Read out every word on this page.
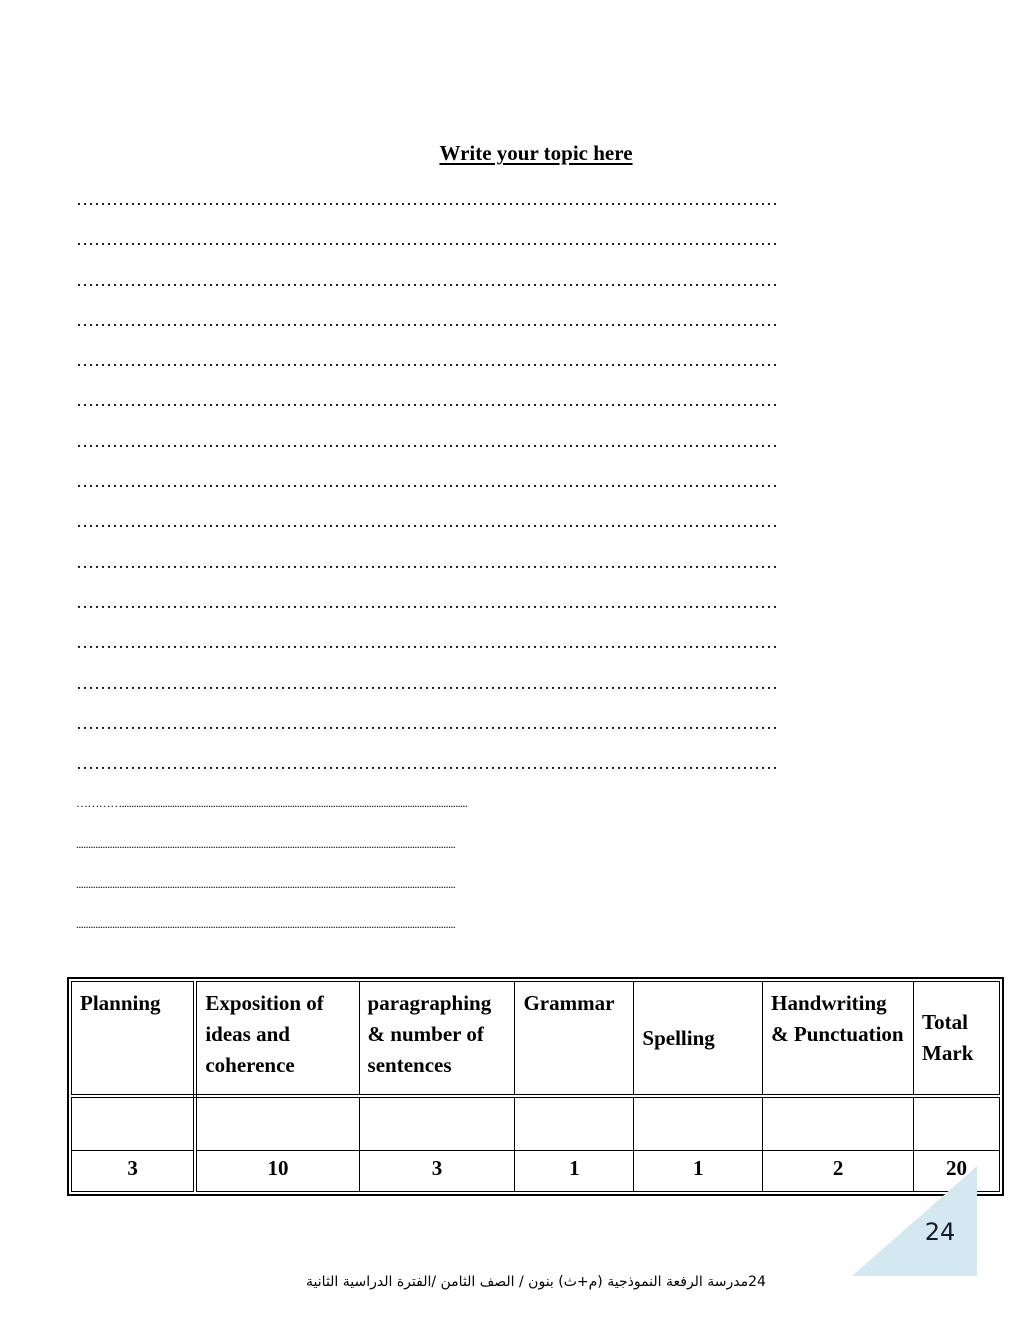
Write your topic here
………………………………………………………………………………………………………
………………………………………………………………………………………………………
………………………………………………………………………………………………………
………………………………………………………………………………………………………
………………………………………………………………………………………………………
………………………………………………………………………………………………………
………………………………………………………………………………………………………
………………………………………………………………………………………………………
………………………………………………………………………………………………………
………………………………………………………………………………………………………
………………………………………………………………………………………………………
………………………………………………………………………………………………………
………………………………………………………………………………………………………
………………………………………………………………………………………………………
………………………………………………………………………………………………………
…………................................................................................................................................................
..............................................................................................................................................................
..............................................................................................................................................................
..............................................................................................................................................................
Planning	Exposition of ideas and coherence	paragraphing & number of sentences	Grammar	Spelling	Handwriting & Punctuation	Total Mark

3	10	3	1	1	2	20
24
24مدرسة الرفعة النموذجية (م+ث) بنون / الصف الثامن /الفترة الدراسية الثانية
